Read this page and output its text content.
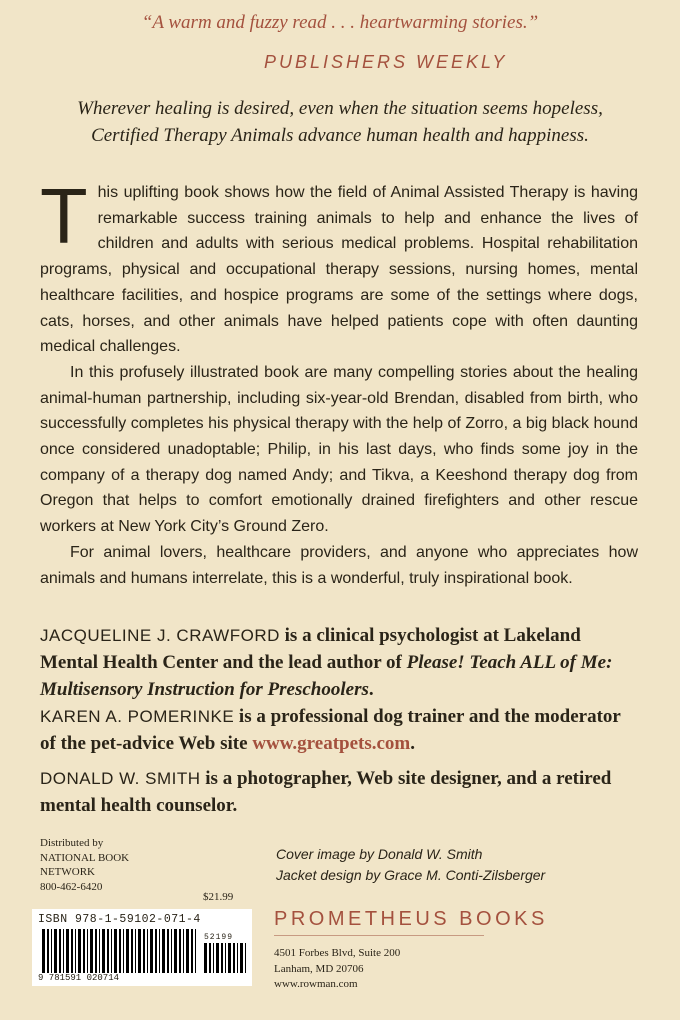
“A warm and fuzzy read . . . heartwarming stories.”
PUBLISHERS WEEKLY
Wherever healing is desired, even when the situation seems hopeless,
Certified Therapy Animals advance human health and happiness.

This uplifting book shows how the field of Animal Assisted Therapy is having remarkable success training animals to help and enhance the lives of children and adults with serious medical problems. Hospital rehabilitation programs, physical and occupational therapy sessions, nursing homes, mental healthcare facilities, and hospice programs are some of the settings where dogs, cats, horses, and other animals have helped patients cope with often daunting medical challenges.

In this profusely illustrated book are many compelling stories about the healing animal-human partnership, including six-year-old Brendan, disabled from birth, who successfully completes his physical therapy with the help of Zorro, a big black hound once considered unadoptable; Philip, in his last days, who finds some joy in the company of a therapy dog named Andy; and Tikva, a Keeshond therapy dog from Oregon that helps to comfort emotionally drained firefighters and other rescue workers at New York City’s Ground Zero.

For animal lovers, healthcare providers, and anyone who appreciates how animals and humans interrelate, this is a wonderful, truly inspirational book.

JACQUELINE J. CRAWFORD is a clinical psychologist at Lakeland Mental Health Center and the lead author of Please! Teach ALL of Me: Multisensory Instruction for Preschoolers.
KAREN A. POMERINKE is a professional dog trainer and the moderator of the pet-advice Web site www.greatpets.com.
DONALD W. SMITH is a photographer, Web site designer, and a retired mental health counselor.
Distributed by
NATIONAL BOOK
NETWORK
800-462-6420
Cover image by Donald W. Smith
Jacket design by Grace M. Conti-Zilsberger
$21.99
ISBN 978-1-59102-071-4
52199
9 781591 020714
PROMETHEUS BOOKS
4501 Forbes Blvd, Suite 200
Lanham, MD 20706
www.rowman.com
